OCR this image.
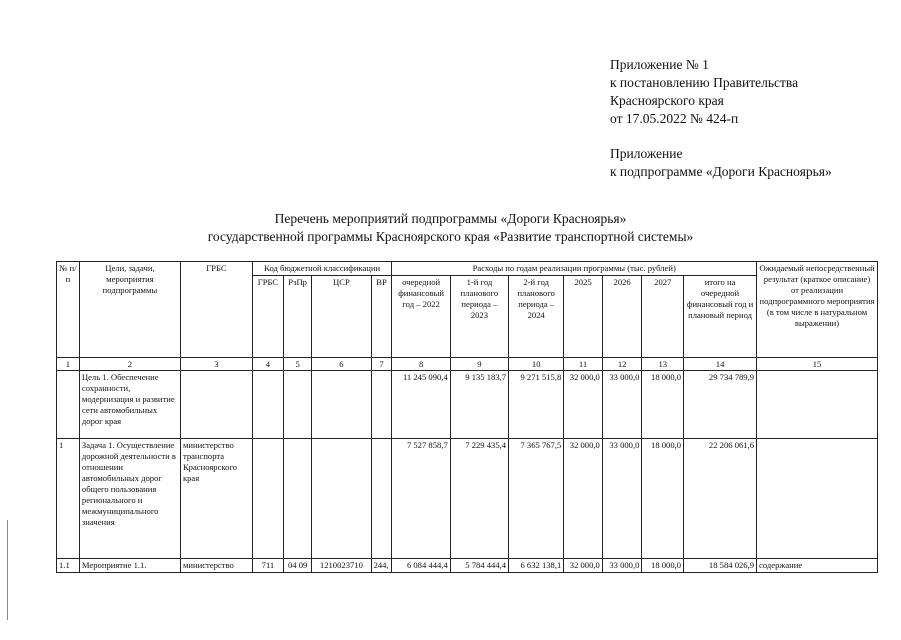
Приложение № 1
к постановлению Правительства
Красноярского края
от 17.05.2022 № 424-п
Приложение
к подпрограмме «Дороги Красноярья»
Перечень мероприятий подпрограммы «Дороги Красноярья»
государственной программы Красноярского края «Развитие транспортной системы»
№ п/п	Цели, задачи, мероприятия подпрограммы	ГРБС	Код бюджетной классификации				Расходы по годам реализации программы (тыс. рублей)							Ожидаемый непосредственный результат (краткое описание) от реализации подпрограммного мероприятия (в том числе в натуральном выражении)
			ГРБС	РзПр	ЦСР	ВР	очередной финансовый год – 2022	1-й год планового периода – 2023	2-й год планового периода – 2024	2025	2026	2027	итого на очередной финансовый год и плановый период	
1	2	3	4	5	6	7	8	9	10	11	12	13	14	15
	Цель 1. Обеспечение сохранности, модернизация и развитие сети автомобильных дорог края						11 245 090,4	9 135 183,7	9 271 515,8	32 000,0	33 000,0	18 000,0	29 734 789,9	
1	Задача 1. Осуществление дорожной деятельности в отношении автомобильных дорог общего пользования регионального и межмуниципального значения	министерство транспорта Красноярского края					7 527 858,7	7 229 435,4	7 365 767,5	32 000,0	33 000,0	18 000,0	22 206 061,6	
1.1	Мероприятие 1.1.	министерство	711	04 09	1210023710	244,	6 084 444,4	5 784 444,4	6 632 138,1	32 000,0	33 000,0	18 000,0	18 584 026,9	содержание
